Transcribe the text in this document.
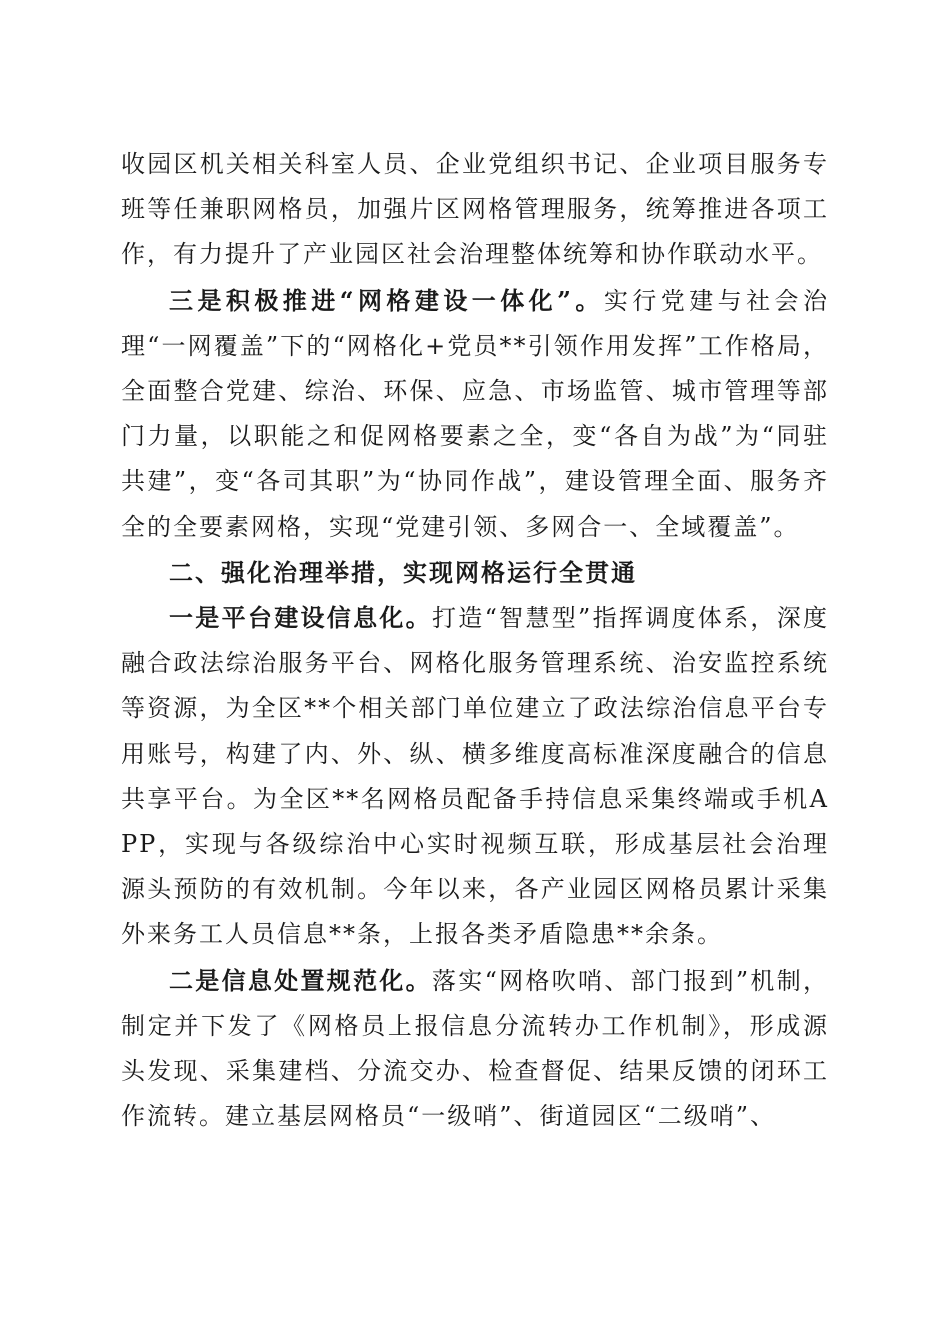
收园区机关相关科室人员、企业党组织书记、企业项目服务专班等任兼职网格员，加强片区网格管理服务，统筹推进各项工作，有力提升了产业园区社会治理整体统筹和协作联动水平。

三是积极推进“网格建设一体化”。实行党建与社会治理“一网覆盖”下的“网格化+党员**引领作用发挥”工作格局，全面整合党建、综治、环保、应急、市场监管、城市管理等部门力量，以职能之和促网格要素之全，变“各自为战”为“同驻共建”，变“各司其职”为“协同作战”，建设管理全面、服务齐全的全要素网格，实现“党建引领、多网合一、全域覆盖”。

二、强化治理举措，实现网格运行全贯通

一是平台建设信息化。打造“智慧型”指挥调度体系，深度融合政法综治服务平台、网格化服务管理系统、治安监控系统等资源，为全区**个相关部门单位建立了政法综治信息平台专用账号，构建了内、外、纵、横多维度高标准深度融合的信息共享平台。为全区**名网格员配备手持信息采集终端或手机APP，实现与各级综治中心实时视频互联，形成基层社会治理源头预防的有效机制。今年以来，各产业园区网格员累计采集外来务工人员信息**条，上报各类矛盾隐患**余条。

二是信息处置规范化。落实“网格吹哨、部门报到”机制，制定并下发了《网格员上报信息分流转办工作机制》，形成源头发现、采集建档、分流交办、检查督促、结果反馈的闭环工作流转。建立基层网格员“一级哨”、街道园区“二级哨”、
